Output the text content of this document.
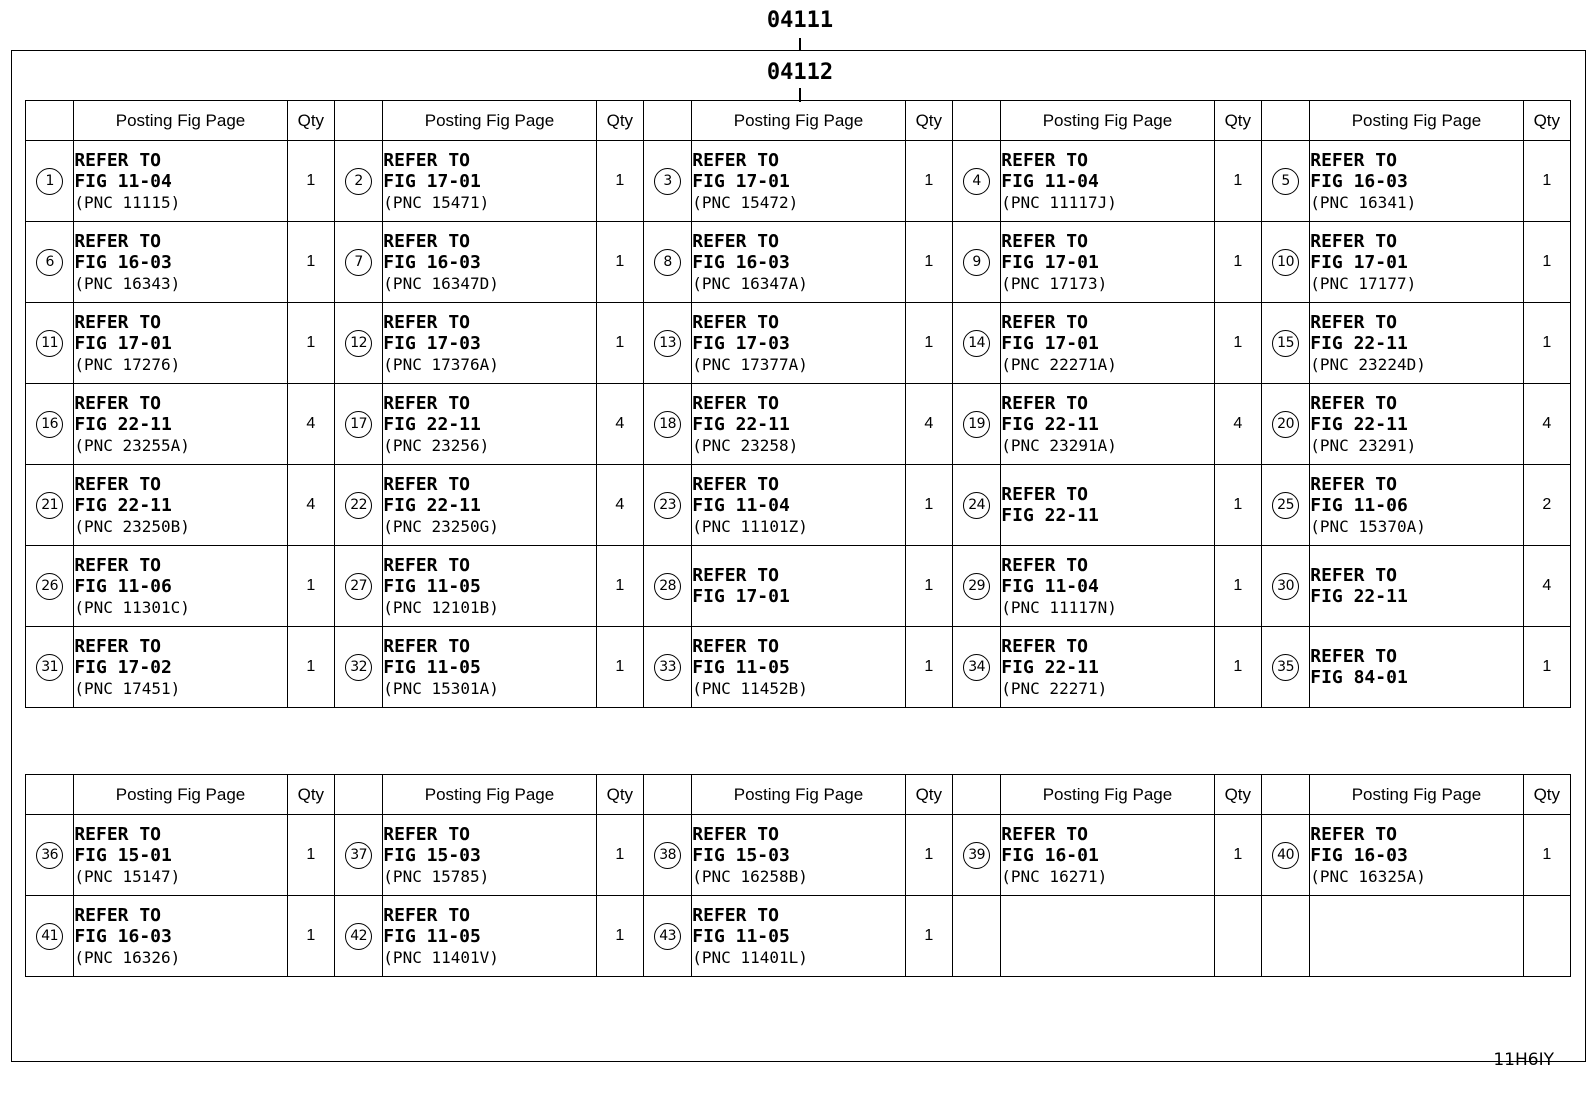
04111
04112
	Posting Fig Page	Qty		Posting Fig Page	Qty		Posting Fig Page	Qty		Posting Fig Page	Qty		Posting Fig Page	Qty
1	REFER TO
FIG 11-04
(PNC 11115)	1	2	REFER TO
FIG 17-01
(PNC 15471)	1	3	REFER TO
FIG 17-01
(PNC 15472)	1	4	REFER TO
FIG 11-04
(PNC 11117J)	1	5	REFER TO
FIG 16-03
(PNC 16341)	1
6	REFER TO
FIG 16-03
(PNC 16343)	1	7	REFER TO
FIG 16-03
(PNC 16347D)	1	8	REFER TO
FIG 16-03
(PNC 16347A)	1	9	REFER TO
FIG 17-01
(PNC 17173)	1	10	REFER TO
FIG 17-01
(PNC 17177)	1
11	REFER TO
FIG 17-01
(PNC 17276)	1	12	REFER TO
FIG 17-03
(PNC 17376A)	1	13	REFER TO
FIG 17-03
(PNC 17377A)	1	14	REFER TO
FIG 17-01
(PNC 22271A)	1	15	REFER TO
FIG 22-11
(PNC 23224D)	1
16	REFER TO
FIG 22-11
(PNC 23255A)	4	17	REFER TO
FIG 22-11
(PNC 23256)	4	18	REFER TO
FIG 22-11
(PNC 23258)	4	19	REFER TO
FIG 22-11
(PNC 23291A)	4	20	REFER TO
FIG 22-11
(PNC 23291)	4
21	REFER TO
FIG 22-11
(PNC 23250B)	4	22	REFER TO
FIG 22-11
(PNC 23250G)	4	23	REFER TO
FIG 11-04
(PNC 11101Z)	1	24	REFER TO
FIG 22-11	1	25	REFER TO
FIG 11-06
(PNC 15370A)	2
26	REFER TO
FIG 11-06
(PNC 11301C)	1	27	REFER TO
FIG 11-05
(PNC 12101B)	1	28	REFER TO
FIG 17-01	1	29	REFER TO
FIG 11-04
(PNC 11117N)	1	30	REFER TO
FIG 22-11	4
31	REFER TO
FIG 17-02
(PNC 17451)	1	32	REFER TO
FIG 11-05
(PNC 15301A)	1	33	REFER TO
FIG 11-05
(PNC 11452B)	1	34	REFER TO
FIG 22-11
(PNC 22271)	1	35	REFER TO
FIG 84-01	1
	Posting Fig Page	Qty		Posting Fig Page	Qty		Posting Fig Page	Qty		Posting Fig Page	Qty		Posting Fig Page	Qty
36	REFER TO
FIG 15-01
(PNC 15147)	1	37	REFER TO
FIG 15-03
(PNC 15785)	1	38	REFER TO
FIG 15-03
(PNC 16258B)	1	39	REFER TO
FIG 16-01
(PNC 16271)	1	40	REFER TO
FIG 16-03
(PNC 16325A)	1
41	REFER TO
FIG 16-03
(PNC 16326)	1	42	REFER TO
FIG 11-05
(PNC 11401V)	1	43	REFER TO
FIG 11-05
(PNC 11401L)	1						
11H6IY
